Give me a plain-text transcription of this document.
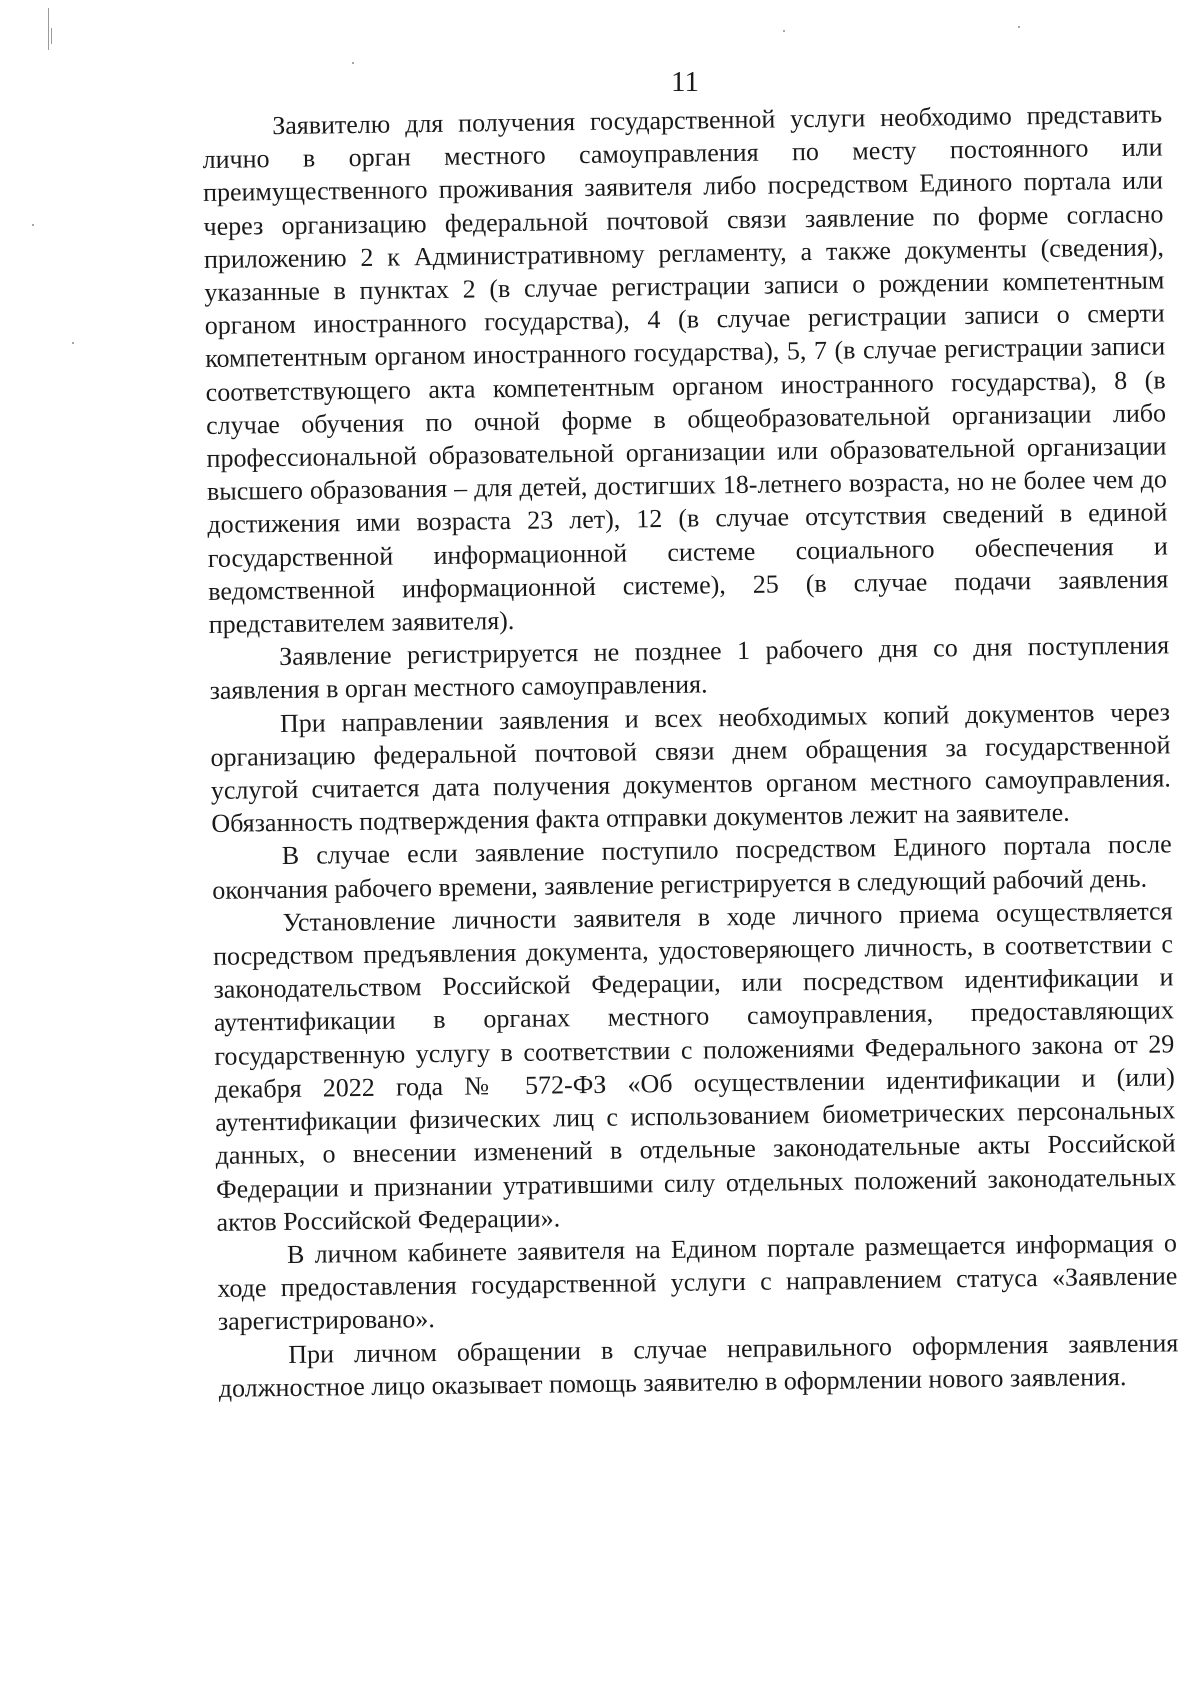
11

Заявителю для получения государственной услуги необходимо представить лично в орган местного самоуправления по месту постоянного или преимущественного проживания заявителя либо посредством Единого портала или через организацию федеральной почтовой связи заявление по форме согласно приложению 2 к Административному регламенту, а также документы (сведения), указанные в пунктах 2 (в случае регистрации записи о рождении компетентным органом иностранного государства), 4 (в случае регистрации записи о смерти компетентным органом иностранного государства), 5, 7 (в случае регистрации записи соответствующего акта компетентным органом иностранного государства), 8 (в случае обучения по очной форме в общеобразовательной организации либо профессиональной образовательной организации или образовательной организации высшего образования – для детей, достигших 18-летнего возраста, но не более чем до достижения ими возраста 23 лет), 12 (в случае отсутствия сведений в единой государственной информационной системе социального обеспечения и ведомственной информационной системе), 25 (в случае подачи заявления представителем заявителя).

Заявление регистрируется не позднее 1 рабочего дня со дня поступления заявления в орган местного самоуправления.

При направлении заявления и всех необходимых копий документов через организацию федеральной почтовой связи днем обращения за государственной услугой считается дата получения документов органом местного самоуправления. Обязанность подтверждения факта отправки документов лежит на заявителе.

В случае если заявление поступило посредством Единого портала после окончания рабочего времени, заявление регистрируется в следующий рабочий день.

Установление личности заявителя в ходе личного приема осуществляется посредством предъявления документа, удостоверяющего личность, в соответствии с законодательством Российской Федерации, или посредством идентификации и аутентификации в органах местного самоуправления, предоставляющих государственную услугу в соответствии с положениями Федерального закона от 29 декабря 2022 года № 572-ФЗ «Об осуществлении идентификации и (или) аутентификации физических лиц с использованием биометрических персональных данных, о внесении изменений в отдельные законодательные акты Российской Федерации и признании утратившими силу отдельных положений законодательных актов Российской Федерации».

В личном кабинете заявителя на Едином портале размещается информация о ходе предоставления государственной услуги с направлением статуса «Заявление зарегистрировано».

При личном обращении в случае неправильного оформления заявления должностное лицо оказывает помощь заявителю в оформлении нового заявления.
